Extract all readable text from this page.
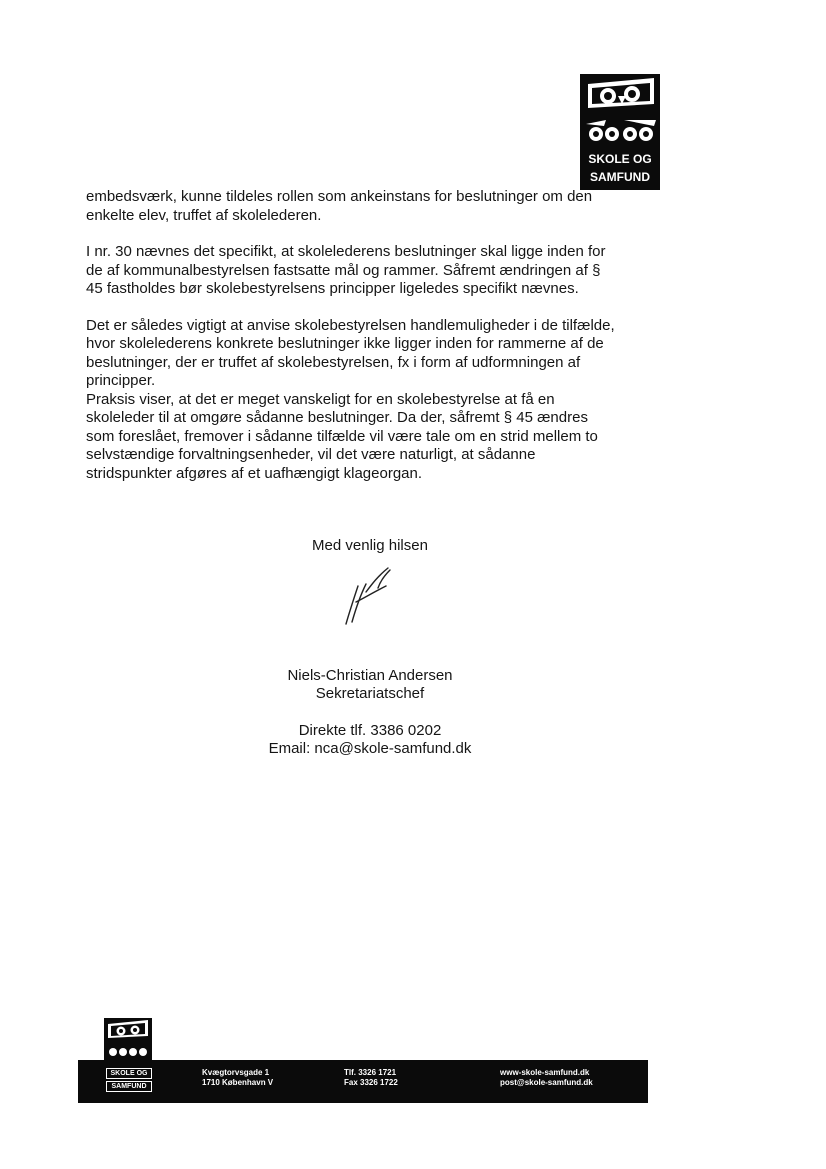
SKOLE OG
SAMFUND

embedsværk, kunne tildeles rollen som ankeinstans for beslutninger om den
enkelte elev, truffet af skolelederen.

I nr. 30 nævnes det specifikt, at skolelederens beslutninger skal ligge inden for
de af kommunalbestyrelsen fastsatte mål og rammer. Såfremt ændringen af §
45 fastholdes bør skolebestyrelsens principper ligeledes specifikt nævnes.

Det er således vigtigt at anvise skolebestyrelsen handlemuligheder i de tilfælde,
hvor skolelederens konkrete beslutninger ikke ligger inden for rammerne af de
beslutninger, der er truffet af skolebestyrelsen, fx i form af udformningen af
principper.

Praksis viser, at det er meget vanskeligt for en skolebestyrelse at få en
skoleleder til at omgøre sådanne beslutninger. Da der, såfremt § 45 ændres
som foreslået, fremover i sådanne tilfælde vil være tale om en strid mellem to
selvstændige forvaltningsenheder, vil det være naturligt, at sådanne
stridspunkter afgøres af et uafhængigt klageorgan.

Med venlig hilsen
Niels-Christian Andersen
Sekretariatschef
Direkte tlf. 3386 0202
Email: nca@skole-samfund.dk
SKOLE OG
SAMFUND
Kvægtorvsgade 1
1710 København V
Tlf. 3326 1721
Fax 3326 1722
www-skole-samfund.dk
post@skole-samfund.dk
